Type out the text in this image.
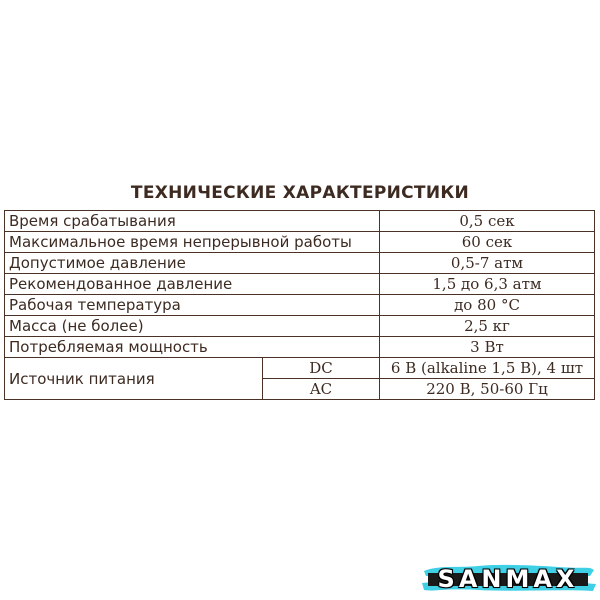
ТЕХНИЧЕСКИЕ ХАРАКТЕРИСТИКИ
Время срабатывания		0,5 сек
Максимальное время непрерывной работы		60 сек
Допустимое давление		0,5-7 атм
Рекомендованное давление		1,5 до 6,3 атм
Рабочая температура		до 80 °С
Масса (не более)		2,5 кг
Потребляемая мощность		3 Вт
Источник питания	DC	6 В (alkaline 1,5 В), 4 шт
	AC	220 В, 50-60 Гц
SANMAX
